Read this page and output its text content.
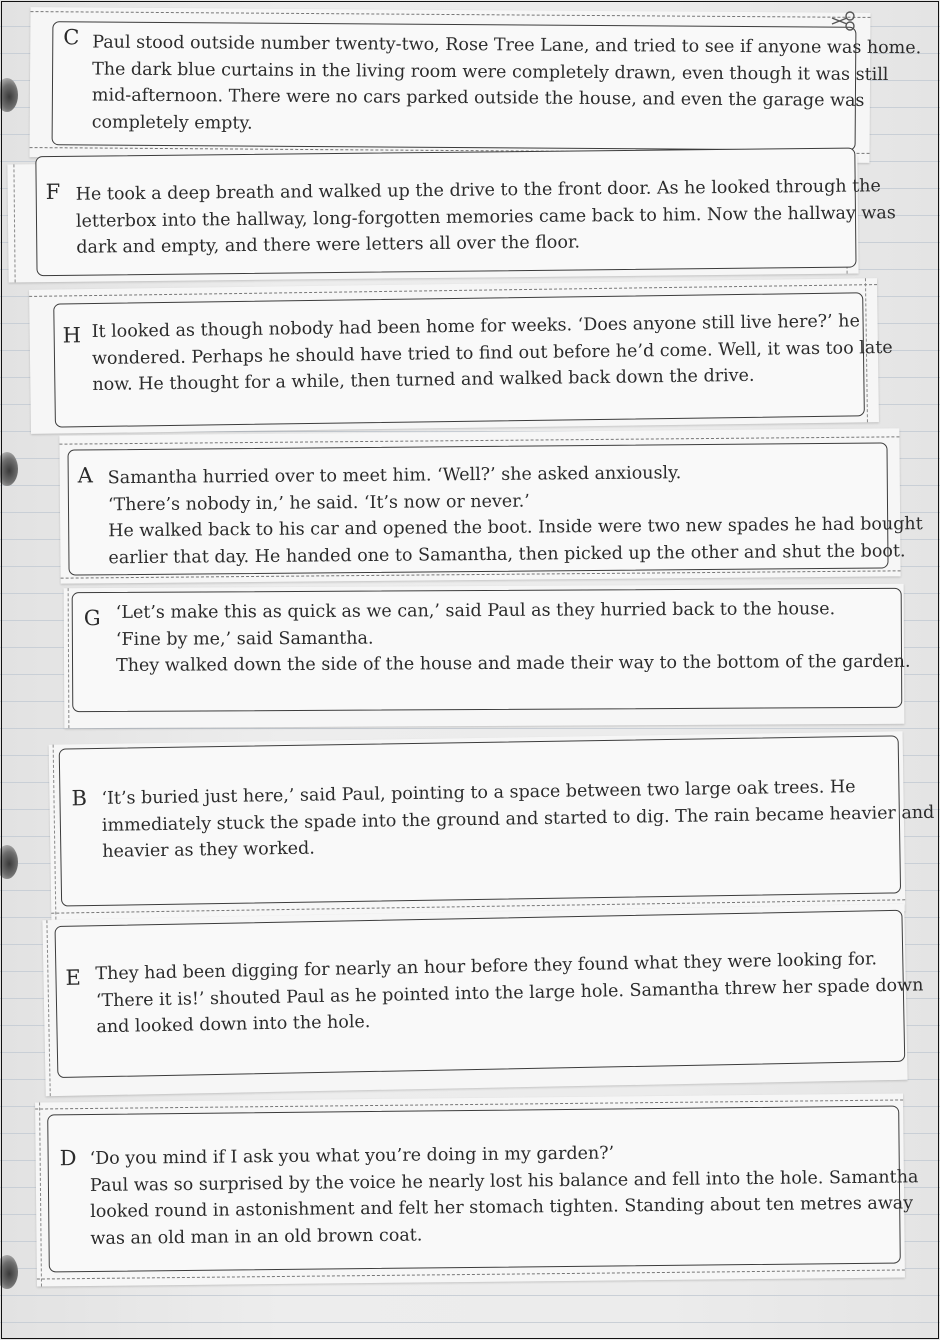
C Paul stood outside number twenty-two, Rose Tree Lane, and tried to see if anyone was home.
The dark blue curtains in the living room were completely drawn, even though it was still
mid-afternoon. There were no cars parked outside the house, and even the garage was
completely empty.
F He took a deep breath and walked up the drive to the front door. As he looked through the
letterbox into the hallway, long-forgotten memories came back to him. Now the hallway was
dark and empty, and there were letters all over the floor.
H It looked as though nobody had been home for weeks. ‘Does anyone still live here?’ he
wondered. Perhaps he should have tried to find out before he’d come. Well, it was too late
now. He thought for a while, then turned and walked back down the drive.
A Samantha hurried over to meet him. ‘Well?’ she asked anxiously.
‘There’s nobody in,’ he said. ‘It’s now or never.’
He walked back to his car and opened the boot. Inside were two new spades he had bought
earlier that day. He handed one to Samantha, then picked up the other and shut the boot.
G ‘Let’s make this as quick as we can,’ said Paul as they hurried back to the house.
‘Fine by me,’ said Samantha.
They walked down the side of the house and made their way to the bottom of the garden.
B ‘It’s buried just here,’ said Paul, pointing to a space between two large oak trees. He
immediately stuck the spade into the ground and started to dig. The rain became heavier and
heavier as they worked.
E They had been digging for nearly an hour before they found what they were looking for.
‘There it is!’ shouted Paul as he pointed into the large hole. Samantha threw her spade down
and looked down into the hole.
D ‘Do you mind if I ask you what you’re doing in my garden?’
Paul was so surprised by the voice he nearly lost his balance and fell into the hole. Samantha
looked round in astonishment and felt her stomach tighten. Standing about ten metres away
was an old man in an old brown coat.
